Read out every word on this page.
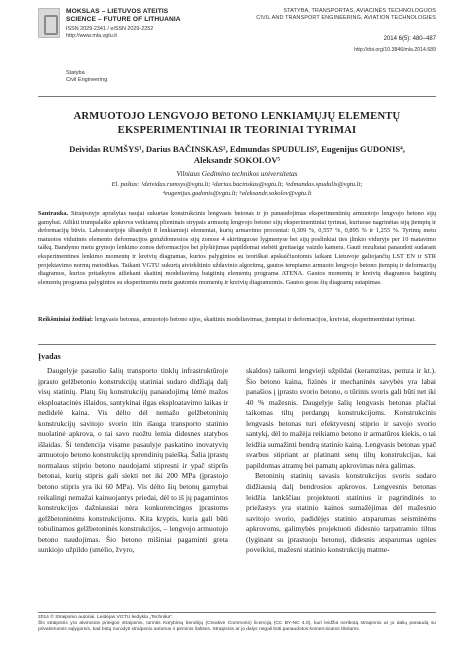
MOKSLAS – LIETUVOS ATEITIS
SCIENCE – FUTURE OF LITHUANIA
ISSN 2029-2341 / eISSN 2029-2252
http://www.mla.vgtu.lt
STATYBA, TRANSPORTAS, AVIACINĖS TECHNOLOGIJOS
CIVIL AND TRANSPORT ENGINEERING, AVIATION TECHNOLOGIES
2014 6(5): 480–487
http://doi.org/10.3846/mla.2014.689
Statyba
Civil Engineering
ARMUOTOJO LENGVOJO BETONO LENKIAMŲJŲ ELEMENTŲ
EKSPERIMENTINIAI IR TEORINIAI TYRIMAI
Deividas RUMŠYS¹, Darius BAČINSKAS², Edmundas SPUDULIS³, Eugenijus GUDONIS⁴,
Aleksandr SOKOLOV⁵
Vilniaus Gedimino technikos universitetas
El. paštas: ¹deividas.rumsys@vgtu.lt; ²darius.bacinskas@vgtu.lt; ³edmundas.spudulis@vgtu.lt;
⁴eugenijus.gudonis@vgtu.lt; ⁵aleksandr.sokolov@vgtu.lt
Santrauka. Straipsnyje aprašytas naujai sukurtas konstrukcinis lengvasis betonas ir jo panaudojimas eksperimentinių armuotojo lengvojo betono sijų gamybai. Atlikti trumpalaike apkrova veikiamų plieninais strypais armuotų lengvojo betono sijų eksperimentiniai tyrimai, kuriuose nagrinėtas sijų įtempių ir deformacijų būvis. Laboratorijoje išbandyti 8 lenkiamieji elementai, kurių armavimo procentai: 0,309 %, 0,557 %, 0,895 % ir 1,255 %. Tyrimų metu matuotos vidutinės elemento deformacijos gniuždomosios sijų zonose 4 skirtinguose lygmenyse bei sijų poslinkiai ties įlinkio viduryje per 10 matavimo taškų. Bandymo metu grynojo lenkimo zonos deformacijos bei plyšiėjimas papildomai stebėti greitaeige vaizdo kamera. Gauti rezultatai panaudoti sudarant eksperimentines lenkimo momentų ir kreivių diagramas, kurios palygintos su teoriškai apskaičiuotomis laikant Lietuvoje galiojančių LST EN ir STR projektavimo normų metodikas. Taikant VGTU sukurtą atvirkštinio uždavinio algoritmą, gautos tempiamo armuoto lengvojo betono įtempių ir deformacijų diagramos, kurios pritaikytos atliekant skaitinį modeliavimą baigtinių elementų programa ATENA. Gautos momentų ir kreivių diagramos baigtinių elementų programa palygintos su eksperimentu metu gautomis momentų ir kreivių diagramomis. Gautos geras šių diagramų sutapimas.
Reikšminiai žodžiai: lengvasis betonas, armuotojo betono sijos, skaitinis modeliavimas, įtempiai ir deformacijos, kreiviai, eksperimentiniai tyrimai.
Įvadas

Daugelyje pasaulio šalių transporto tinklų infrastruktūroje įprasto gelžbetonio konstrukcijų statiniai sudaro didžiąją dalį visų statinių. Platų šių konstrukcijų panaudojimą lėmė mažos eksploatacinės išlaidos, santykinai ilgas eksploatavimo laikas ir nedidelė kaina. Vis dėlto dėl nemažo gelžbetoninių konstrukcijų savitojo svorio itin išauga transporto statinio nuolatinė apkrova, o tai savo ruožtu lemia didesnes statybos išlaidas. Ši tendencija visame pasaulyje paskatino inovatyvių armuotojo betono konstrukcijų sprendinių paiešką. Šalia įprastų normalaus stiprio betono naudojami stipresni ir ypač stiprūs betonai, kurių stipris gali siekti net iki 200 MPa (įprastojo betono stipris yra iki 60 MPa). Vis dėlto šių betonų gamybai reikalingi nemažai kainuojantys priedai, dėl to iš jų pagamintos konstrukcijos dažniausiai nėra konkurencingos įprastoms gelžbetoninėms konstrukcijoms. Kita kryptis, kuria gali būti tobulinamos gelžbetoninės konstrukcijos, – lengvojo armuotojo betono naudojimas. Šio betono mišiniai pagaminti greta sunkiojo užpildo (smėlio, žvyro,

skaldos) taikomi lengvieji užpildai (keramzitas, pemza ir kt.). Šio betono kaina, fizinės ir mechaninės savybės yra labai panašios į įprasto svorio betono, o tūrinis svoris gali būti net iki 40 % mažesnis. Daugelyje šalių lengvasis betonas plačiai taikomas tiltų perdangų konstrukcijoms. Konstrukcinis lengvasis betonas turi efektyvesnį stiprio ir savojo svorio santykį, dėl to mažėja reikiamo betono ir armatūros kiekis, o tai leidžia sumažinti bendrą statinio kainą. Lengvasis betonas ypač svarbus stipriant ar platinant senų tiltų konstrukcijas, kai papildomas atramų bei pamatų apkrovimas nėra galimas.

Betoninių statinių savasis konstrukcijos svoris sudaro didžiausią dalį bendrosios apkrovos. Lengvesnis betonas leidžia lankščiau projektuoti statinius ir pagrindinės to priežastys yra statinio kainos sumažėjimas dėl mažesnio savitojo svorio, padidėjęs statinio atsparumas seisminėms apkrovoms, galimybės projektuoti didesnio tarpatramio tiltus (lyginant su įprastuoju betonu), didesnis atsparumas ugnies poveikiui, mažesni statinio konstrukcijų matme-

2014 © Straipsnio autoriai. Leidėjas VGTU leidykla „Technika“.
Šis straipsnis yra atvirosios prieigos straipsnis, turintis Kūrybinių bendrijų (Creative Commons) licenciją (CC BY-NC 4.0), kuri leidžia neribotą straipsnio ar jo dalių panaudą su privalomomis sąlygomis, kad būtų nurodyti straipsnio autorius ir pirminis šaltinis. Straipsnis ar jo dalys negali būti panaudotos komerciniams tikslams.
